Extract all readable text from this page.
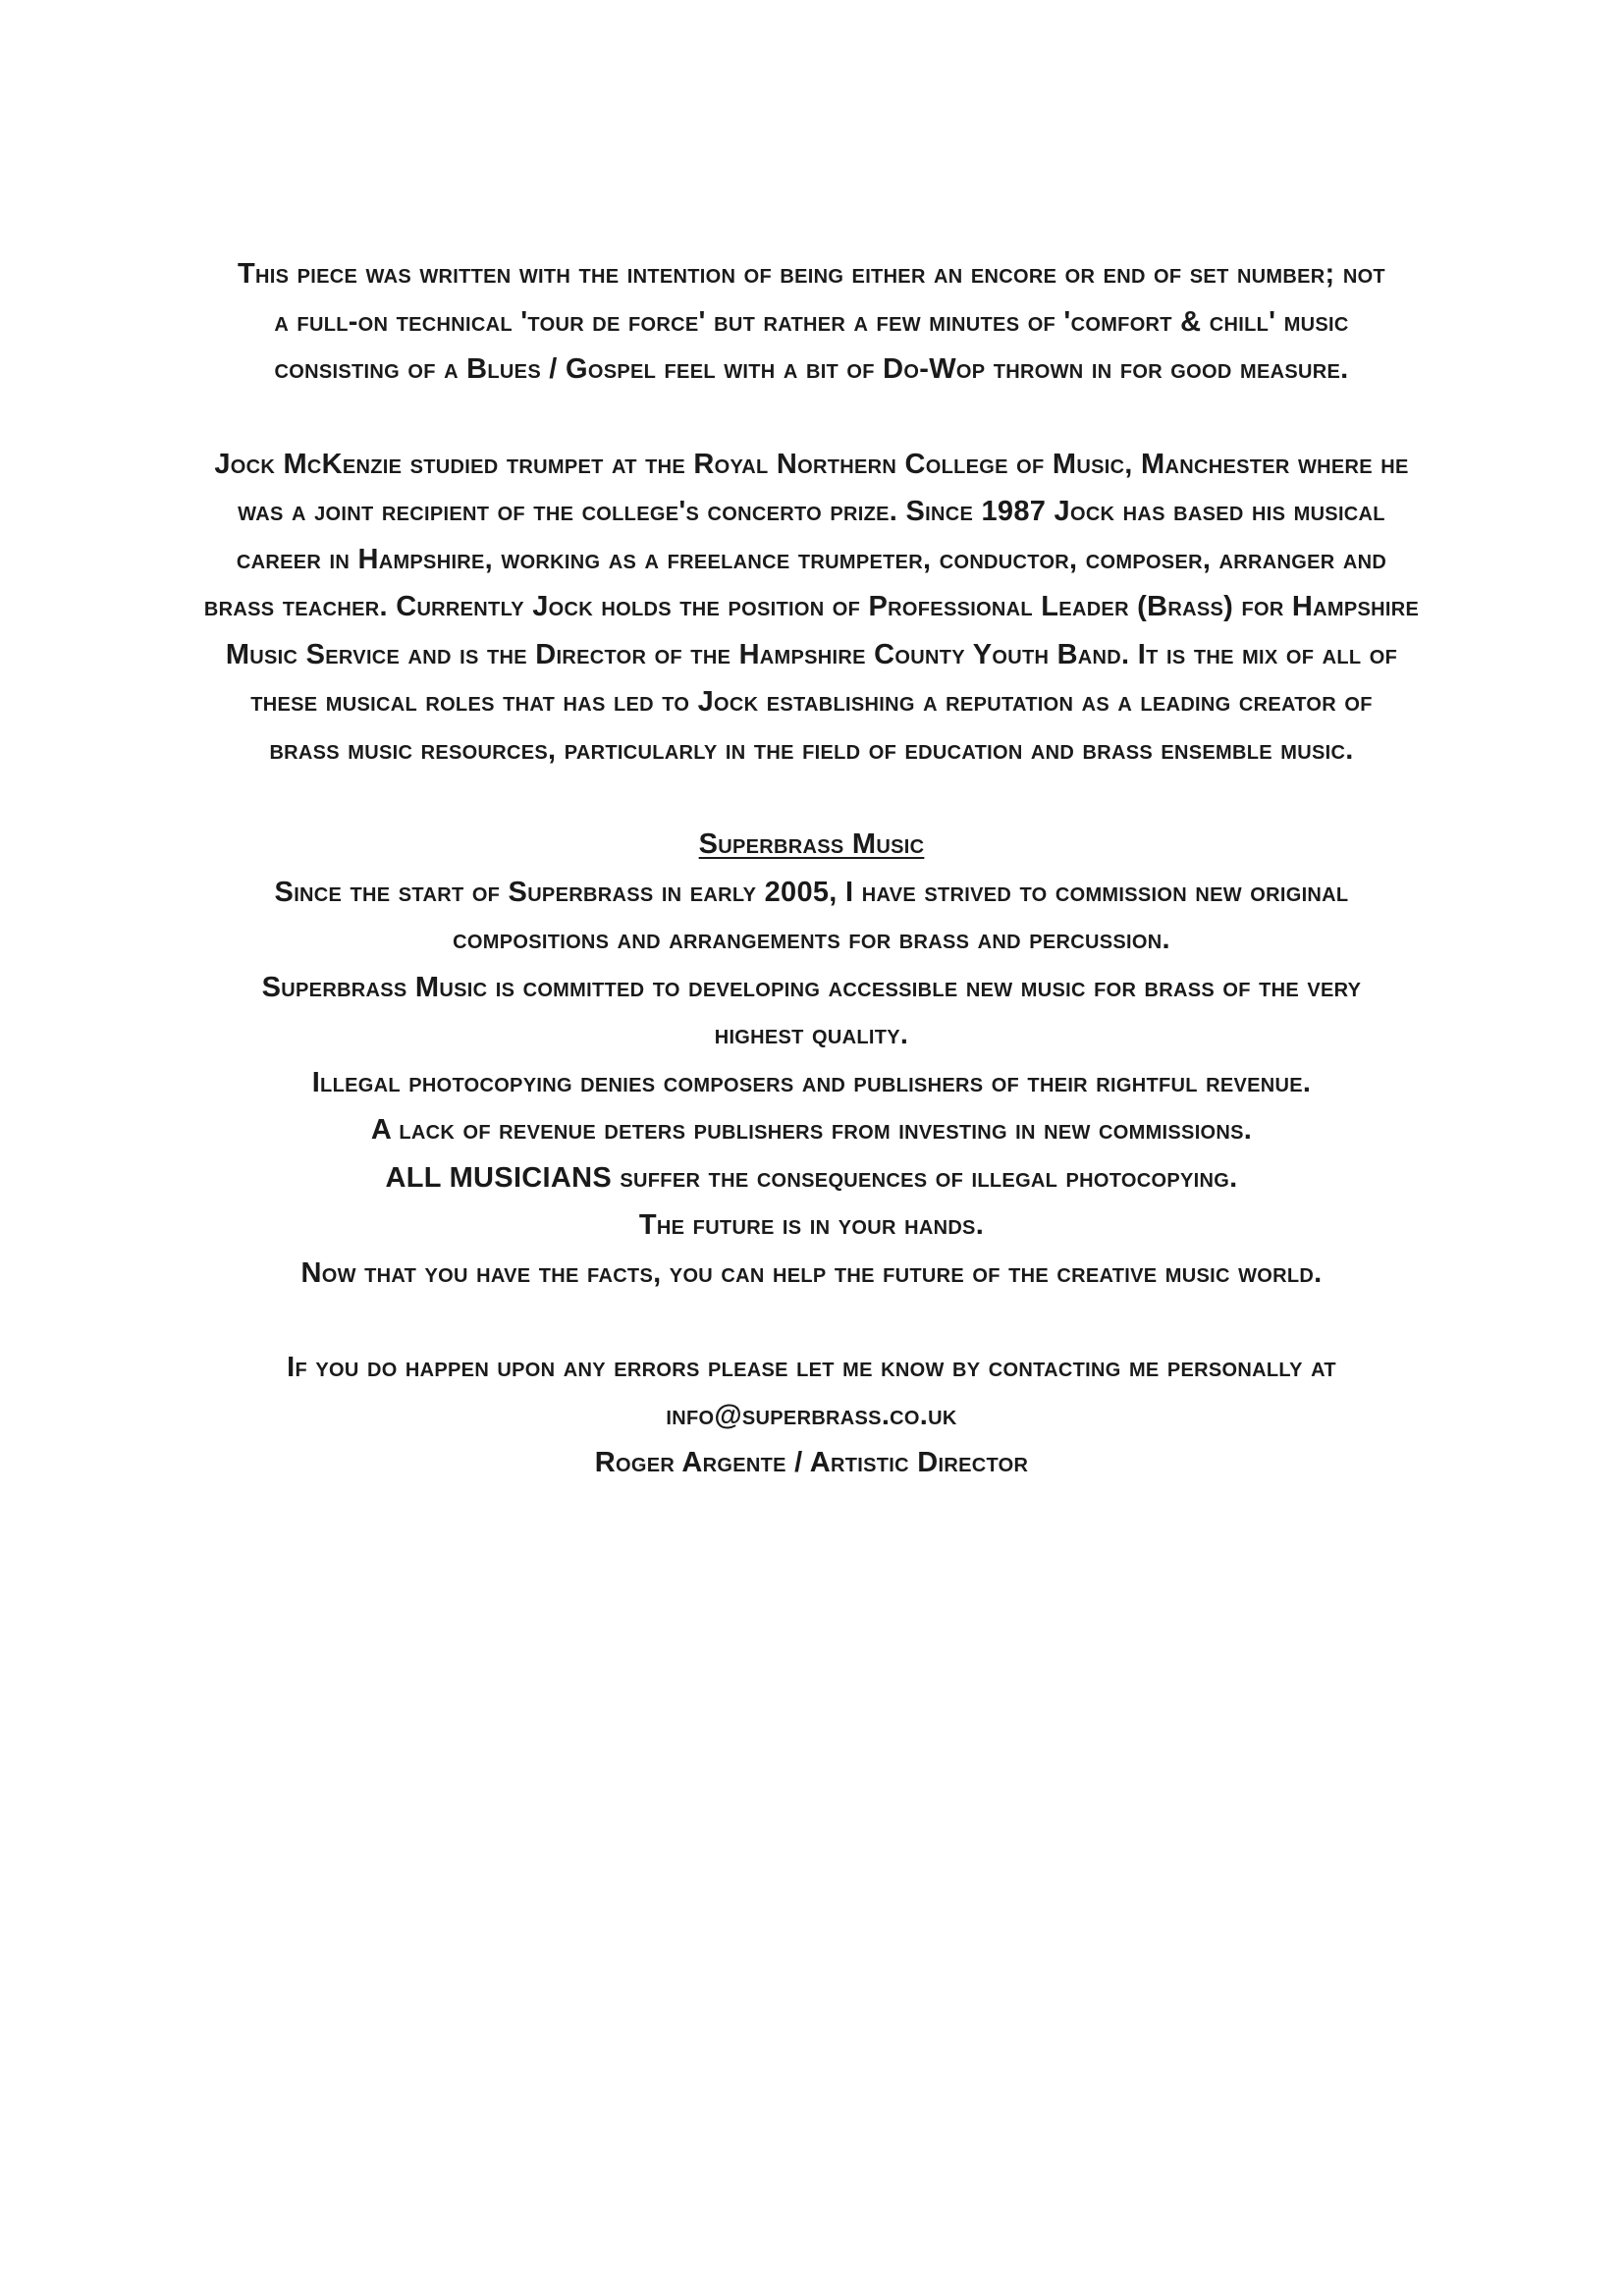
This piece was written with the intention of being either an encore or end of set number; not
a full-on technical 'tour de force' but rather a few minutes of 'comfort & chill' music
consisting of a Blues / Gospel feel with a bit of Do-Wop thrown in for good measure.
Jock McKenzie studied trumpet at the Royal Northern College of Music, Manchester where he
was a joint recipient of the college's concerto prize. Since 1987 Jock has based his musical
career in Hampshire, working as a freelance trumpeter, conductor, composer, arranger and
brass teacher. Currently Jock holds the position of Professional Leader (Brass) for Hampshire
Music Service and is the Director of the Hampshire County Youth Band. It is the mix of all of
these musical roles that has led to Jock establishing a reputation as a leading creator of
brass music resources, particularly in the field of education and brass ensemble music.
Superbrass Music
Since the start of Superbrass in early 2005, I have strived to commission new original
compositions and arrangements for brass and percussion.
Superbrass Music is committed to developing accessible new music for brass of the very
highest quality.
Illegal photocopying denies composers and publishers of their rightful revenue.
A lack of revenue deters publishers from investing in new commissions.
ALL MUSICIANS suffer the consequences of illegal photocopying.
The future is in your hands.
Now that you have the facts, you can help the future of the creative music world.
If you do happen upon any errors please let me know by contacting me personally at
info@superbrass.co.uk
Roger Argente / Artistic Director
